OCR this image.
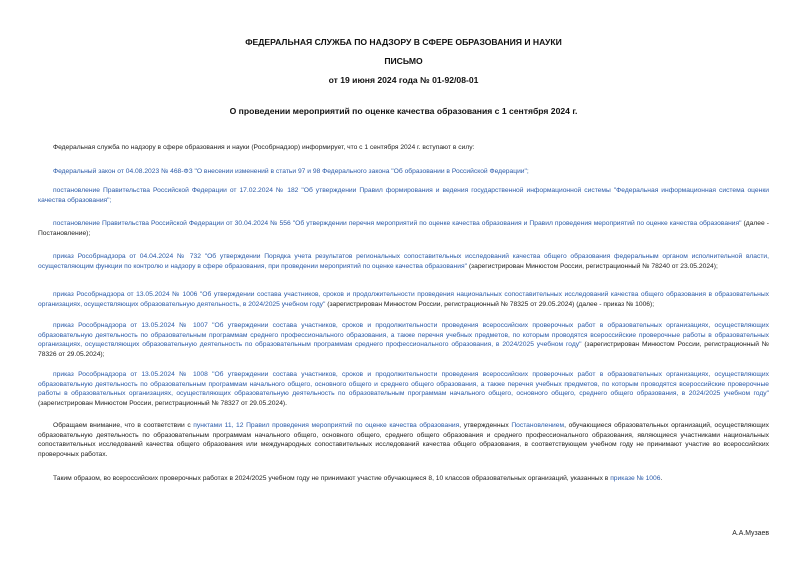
ФЕДЕРАЛЬНАЯ СЛУЖБА ПО НАДЗОРУ В СФЕРЕ ОБРАЗОВАНИЯ И НАУКИ
ПИСЬМО
от 19 июня 2024 года № 01-92/08-01
О проведении мероприятий по оценке качества образования с 1 сентября 2024 г.
Федеральная служба по надзору в сфере образования и науки (Рособрнадзор) информирует, что с 1 сентября 2024 г. вступают в силу:
Федеральный закон от 04.08.2023 № 468-ФЗ "О внесении изменений в статьи 97 и 98 Федерального закона "Об образовании в Российской Федерации";
постановление Правительства Российской Федерации от 17.02.2024 № 182 "Об утверждении Правил формирования и ведения государственной информационной системы "Федеральная информационная система оценки качества образования";
постановление Правительства Российской Федерации от 30.04.2024 № 556 "Об утверждении перечня мероприятий по оценке качества образования и Правил проведения мероприятий по оценке качества образования" (далее - Постановление);
приказ Рособрнадзора от 04.04.2024 № 732 "Об утверждении Порядка учета результатов региональных сопоставительных исследований качества общего образования федеральным органом исполнительной власти, осуществляющим функции по контролю и надзору в сфере образования, при проведении мероприятий по оценке качества образования" (зарегистрирован Минюстом России, регистрационный № 78240 от 23.05.2024);
приказ Рособрнадзора от 13.05.2024 № 1006 "Об утверждении состава участников, сроков и продолжительности проведения национальных сопоставительных исследований качества общего образования в образовательных организациях, осуществляющих образовательную деятельность, в 2024/2025 учебном году" (зарегистрирован Минюстом России, регистрационный № 78325 от 29.05.2024) (далее - приказ № 1006);
приказ Рособрнадзора от 13.05.2024 № 1007 "Об утверждении состава участников, сроков и продолжительности проведения всероссийских проверочных работ в образовательных организациях, осуществляющих образовательную деятельность по образовательным программам среднего профессионального образования, а также перечня учебных предметов, по которым проводятся всероссийские проверочные работы в образовательных организациях, осуществляющих образовательную деятельность по образовательным программам среднего профессионального образования, в 2024/2025 учебном году" (зарегистрирован Минюстом России, регистрационный № 78326 от 29.05.2024);
приказ Рособрнадзора от 13.05.2024 № 1008 "Об утверждении состава участников, сроков и продолжительности проведения всероссийских проверочных работ в образовательных организациях, осуществляющих образовательную деятельность по образовательным программам начального общего, основного общего и среднего общего образования, а также перечня учебных предметов, по которым проводятся всероссийские проверочные работы в образовательных организациях, осуществляющих образовательную деятельность по образовательным программам начального общего, основного общего, среднего общего образования, в 2024/2025 учебном году" (зарегистрирован Минюстом России, регистрационный № 78327 от 29.05.2024).
Обращаем внимание, что в соответствии с пунктами 11, 12 Правил проведения мероприятий по оценке качества образования, утвержденных Постановлением, обучающиеся образовательных организаций, осуществляющих образовательную деятельность по образовательным программам начального общего, основного общего, среднего общего образования и среднего профессионального образования, являющиеся участниками национальных сопоставительных исследований качества общего образования или международных сопоставительных исследований качества общего образования, в соответствующем учебном году не принимают участие во всероссийских проверочных работах.
Таким образом, во всероссийских проверочных работах в 2024/2025 учебном году не принимают участие обучающиеся 8, 10 классов образовательных организаций, указанных в приказе № 1006.
А.А.Музаев
